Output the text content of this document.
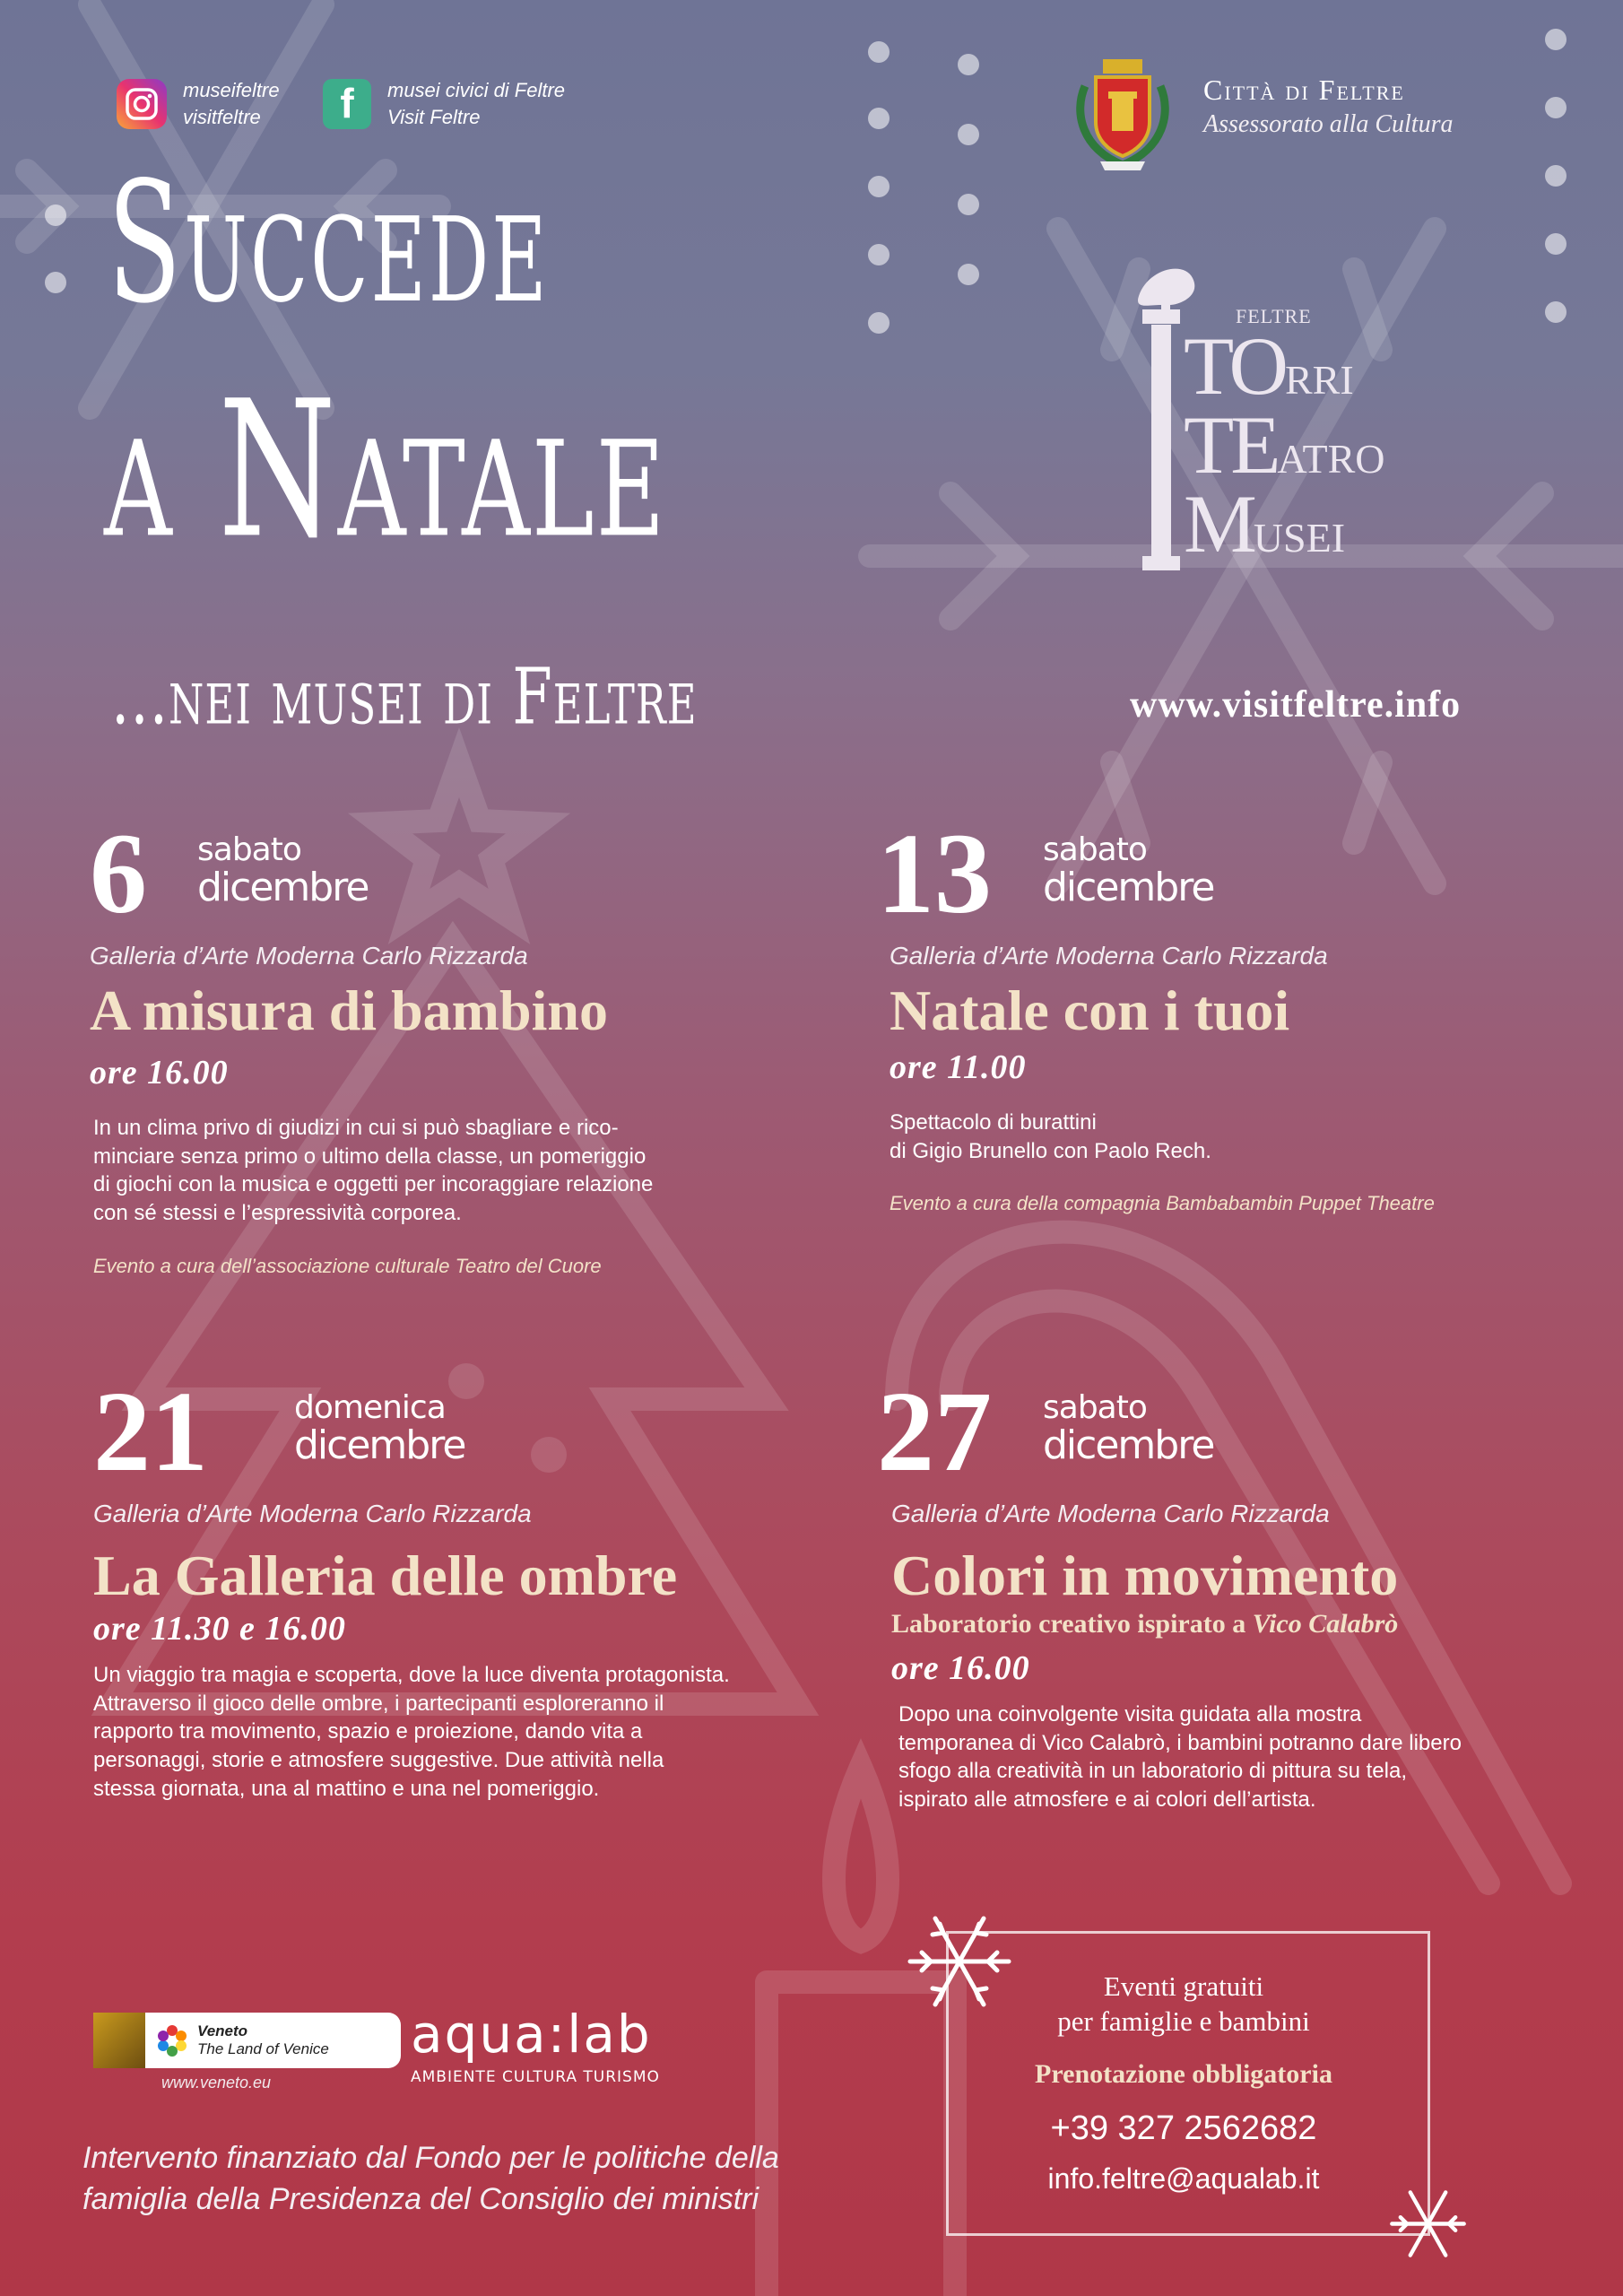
museifeltre
visitfeltre	f	musei civici di Feltre
Visit Feltre
Città di Feltre
Assessorato alla Cultura
Succede
a Natale
...nei musei di Feltre
FELTRE
TORRI
TEATRO
MUSEI
www.visitfeltre.info
6	sabato
dicembre
Galleria d’Arte Moderna Carlo Rizzarda
A misura di bambino
ore 16.00
In un clima privo di giudizi in cui si può sbagliare e rico-
minciare senza primo o ultimo della classe, un pomeriggio
di giochi con la musica e oggetti per incoraggiare relazione
con sé stessi e l’espressività corporea.
Evento a cura dell’associazione culturale Teatro del Cuore
13	sabato
dicembre
Galleria d’Arte Moderna Carlo Rizzarda
Natale con i tuoi
ore 11.00
Spettacolo di burattini
di Gigio Brunello con Paolo Rech.
Evento a cura della compagnia Bambabambin Puppet Theatre
21	domenica
dicembre
Galleria d’Arte Moderna Carlo Rizzarda
La Galleria delle ombre
ore 11.30 e 16.00
Un viaggio tra magia e scoperta, dove la luce diventa protagonista.
Attraverso il gioco delle ombre, i partecipanti esploreranno il
rapporto tra movimento, spazio e proiezione, dando vita a
personaggi, storie e atmosfere suggestive. Due attività nella
stessa giornata, una al mattino e una nel pomeriggio.
27	sabato
dicembre
Galleria d’Arte Moderna Carlo Rizzarda
Colori in movimento
Laboratorio creativo ispirato a Vico Calabrò
ore 16.00
Dopo una coinvolgente visita guidata alla mostra
temporanea di Vico Calabrò, i bambini potranno dare libero
sfogo alla creatività in un laboratorio di pittura su tela,
ispirato alle atmosfere e ai colori dell’artista.
Eventi gratuiti
per famiglie e bambini
Prenotazione obbligatoria
+39 327 2562682
info.feltre@aqualab.it
Veneto
The Land of Venice
www.veneto.eu
aqua:lab
AMBIENTE CULTURA TURISMO
Intervento finanziato dal Fondo per le politiche della
famiglia della Presidenza del Consiglio dei ministri
